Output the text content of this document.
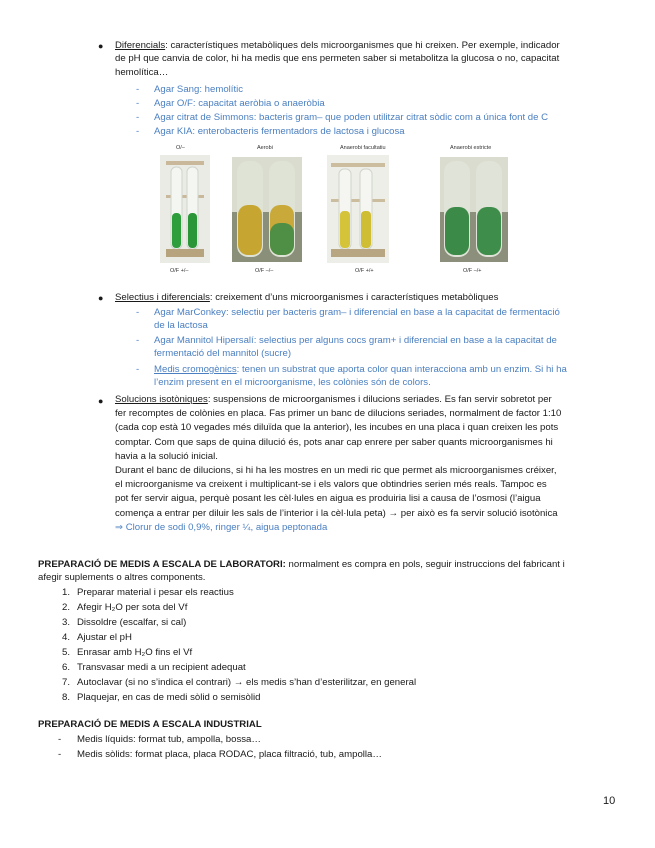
● Diferencials: característiques metabòliques dels microorganismes que hi creixen. Per exemple, indicador
de pH que canvia de color, hi ha medis que ens permeten saber si metabolitza la glucosa o no, capacitat
hemolítica…
- Agar Sang: hemolític
- Agar O/F: capacitat aeròbia o anaeròbia
- Agar citrat de Simmons: bacteris gram– que poden utilitzar citrat sòdic com a única font de C
- Agar KIA: enterobacteris fermentadors de lactosa i glucosa
O/–	Aerobi	Anaerobi facultatiu	Anaerobi estricte
O/F +/–	O/F –/–	O/F +/+	O/F –/+
● Selectius i diferencials: creixement d’uns microorganismes i característiques metabòliques
- Agar MarConkey: selectiu per bacteris gram– i diferencial en base a la capacitat de fermentació
de la lactosa
- Agar Mannitol Hipersalí: selectius per alguns cocs gram+ i diferencial en base a la capacitat de
fermentació del mannitol (sucre)
- Medis cromogènics: tenen un substrat que aporta color quan interacciona amb un enzim. Si hi ha
l’enzim present en el microorganisme, les colònies són de colors.
● Solucions isotòniques: suspensions de microorganismes i dilucions seriades. Es fan servir sobretot per
fer recomptes de colònies en placa. Fas primer un banc de dilucions seriades, normalment de factor 1:10
(cada cop està 10 vegades més diluïda que la anterior), les incubes en una placa i quan creixen les pots
comptar. Com que saps de quina dilució és, pots anar cap enrere per saber quants microorganismes hi
havia a la solució inicial.
Durant el banc de dilucions, si hi ha les mostres en un medi ric que permet als microorganismes créixer,
el microorganisme va creixent i multiplicant-se i els valors que obtindries serien més reals. Tampoc es
pot fer servir aigua, perquè posant les cèl·lules en aigua es produiria lisi a causa de l’osmosi (l’aigua
comença a entrar per diluir les sals de l’interior i la cèl·lula peta) → per això es fa servir solució isotònica
⇒ Clorur de sodi 0,9%, ringer ¼, aigua peptonada
PREPARACIÓ DE MEDIS A ESCALA DE LABORATORI: normalment es compra en pols, seguir instruccions del fabricant i
afegir suplements o altres components.
1. Preparar material i pesar els reactius
2. Afegir H₂O per sota del Vf
3. Dissoldre (escalfar, si cal)
4. Ajustar el pH
5. Enrasar amb H₂O fins el Vf
6. Transvasar medi a un recipient adequat
7. Autoclavar (si no s’indica el contrari) → els medis s’han d’esterilitzar, en general
8. Plaquejar, en cas de medi sòlid o semisòlid
PREPARACIÓ DE MEDIS A ESCALA INDUSTRIAL
- Medis líquids: format tub, ampolla, bossa…
- Medis sòlids: format placa, placa RODAC, placa filtració, tub, ampolla…
10
